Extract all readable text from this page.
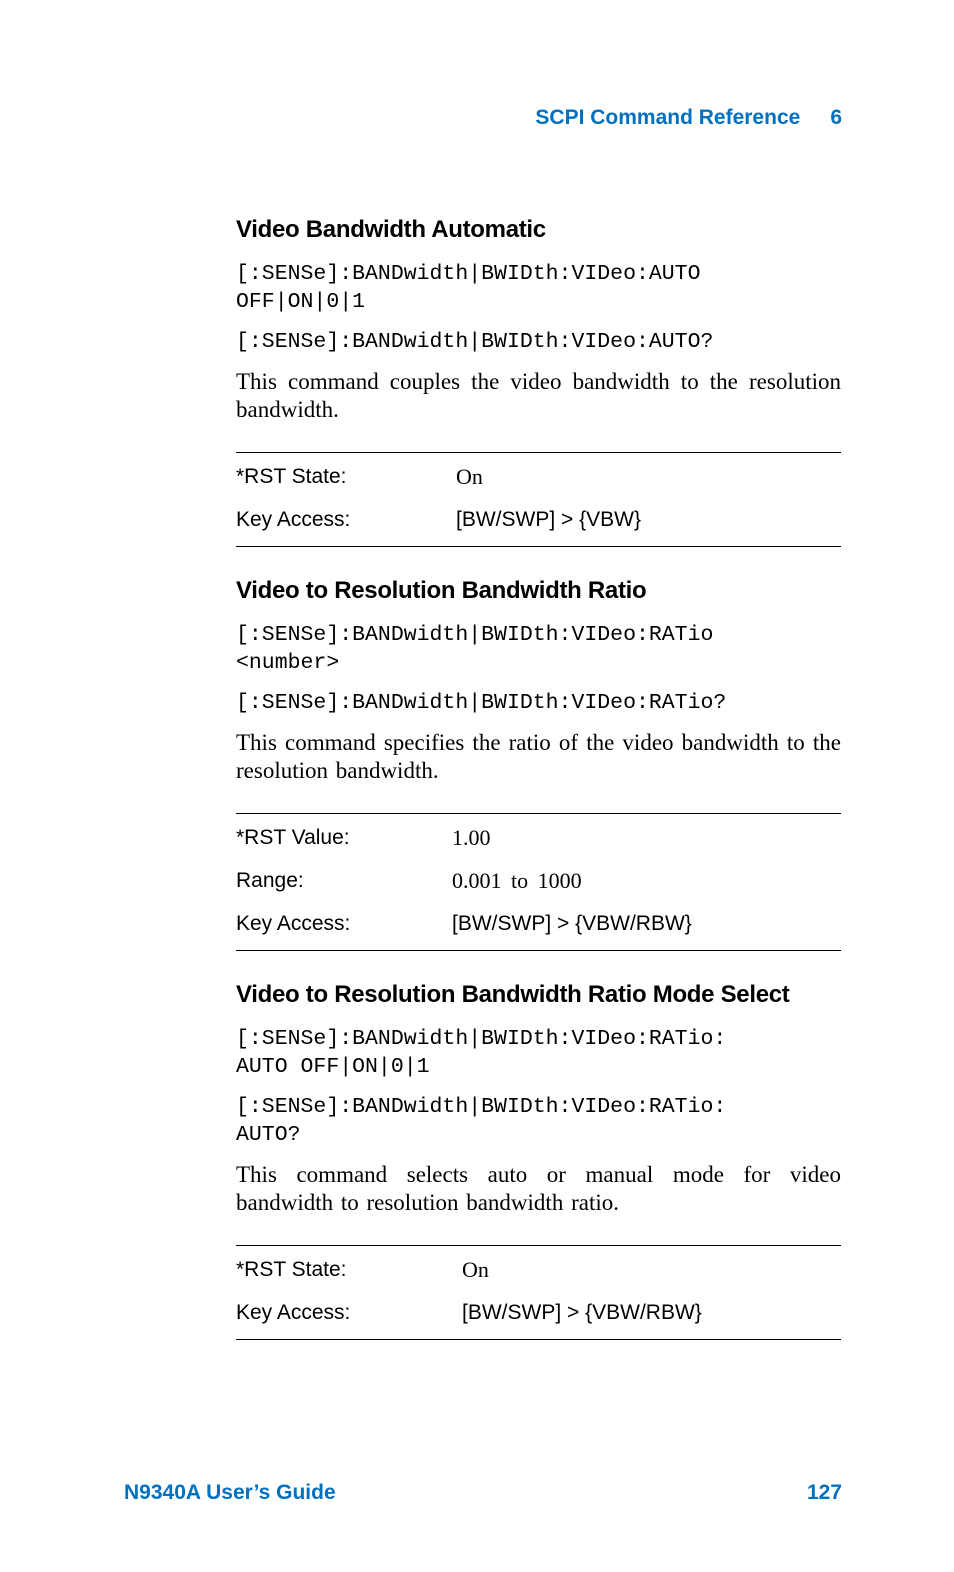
SCPI Command Reference 6
Video Bandwidth Automatic

[:SENSe]:BANDwidth|BWIDth:VIDeo:AUTO
OFF|ON|0|1

[:SENSe]:BANDwidth|BWIDth:VIDeo:AUTO?

This command couples the video bandwidth to the resolution bandwidth.

*RST State:	On
Key Access:	[BW/SWP] > {VBW}
Video to Resolution Bandwidth Ratio

[:SENSe]:BANDwidth|BWIDth:VIDeo:RATio
<number>

[:SENSe]:BANDwidth|BWIDth:VIDeo:RATio?

This command specifies the ratio of the video bandwidth to the resolution bandwidth.

*RST Value:	1.00
Range:	0.001 to 1000
Key Access:	[BW/SWP] > {VBW/RBW}
Video to Resolution Bandwidth Ratio Mode Select

[:SENSe]:BANDwidth|BWIDth:VIDeo:RATio:
AUTO OFF|ON|0|1

[:SENSe]:BANDwidth|BWIDth:VIDeo:RATio:
AUTO?

This command selects auto or manual mode for video bandwidth to resolution bandwidth ratio.

*RST State:	On
Key Access:	[BW/SWP] > {VBW/RBW}
N9340A User’s Guide	127
